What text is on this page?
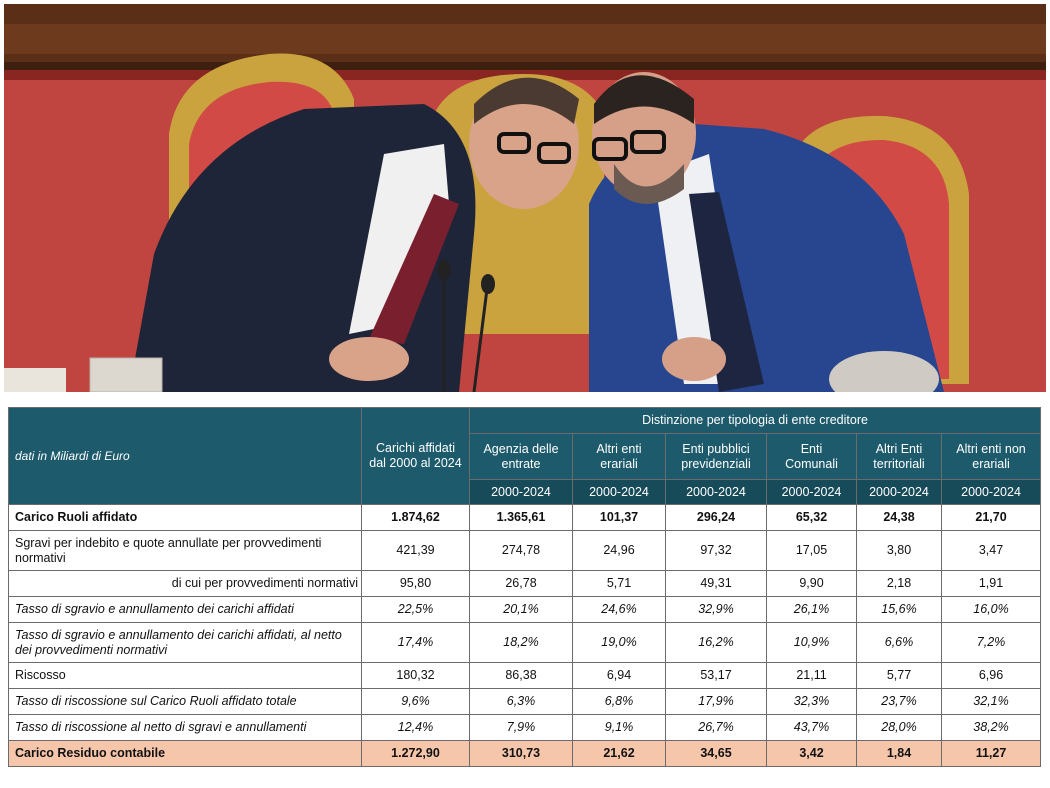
dati in Miliardi di Euro	Carichi affidati dal 2000 al 2024	Distinzione per tipologia di ente creditore					
		Agenzia delle entrate	Altri enti erariali	Enti pubblici previdenziali	Enti Comunali	Altri Enti territoriali	Altri enti non erariali
		2000-2024	2000-2024	2000-2024	2000-2024	2000-2024	2000-2024
Carico Ruoli affidato	1.874,62	1.365,61	101,37	296,24	65,32	24,38	21,70
Sgravi per indebito e quote annullate per provvedimenti normativi	421,39	274,78	24,96	97,32	17,05	3,80	3,47
di cui per provvedimenti normativi	95,80	26,78	5,71	49,31	9,90	2,18	1,91
Tasso di sgravio e annullamento dei carichi affidati	22,5%	20,1%	24,6%	32,9%	26,1%	15,6%	16,0%
Tasso di sgravio e annullamento dei carichi affidati, al netto dei provvedimenti normativi	17,4%	18,2%	19,0%	16,2%	10,9%	6,6%	7,2%
Riscosso	180,32	86,38	6,94	53,17	21,11	5,77	6,96
Tasso di riscossione sul Carico Ruoli affidato totale	9,6%	6,3%	6,8%	17,9%	32,3%	23,7%	32,1%
Tasso di riscossione al netto di sgravi e annullamenti	12,4%	7,9%	9,1%	26,7%	43,7%	28,0%	38,2%
Carico Residuo contabile	1.272,90	310,73	21,62	34,65	3,42	1,84	11,27
